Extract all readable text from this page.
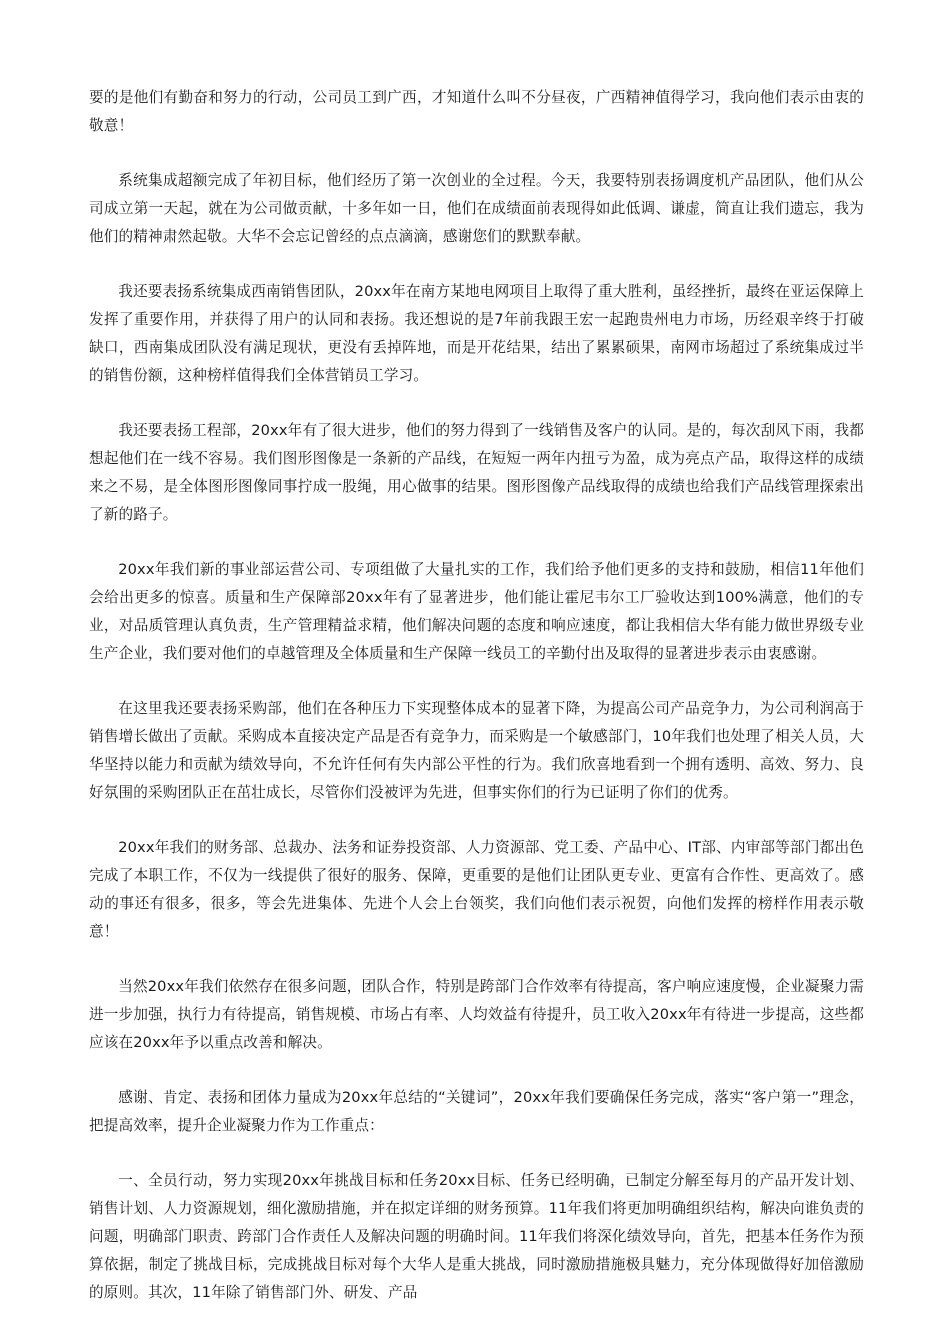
要的是他们有勤奋和努力的行动，公司员工到广西，才知道什么叫不分昼夜，广西精神值得学习，我向他们表示由衷的敬意！

系统集成超额完成了年初目标，他们经历了第一次创业的全过程。今天，我要特别表扬调度机产品团队，他们从公司成立第一天起，就在为公司做贡献，十多年如一日，他们在成绩面前表现得如此低调、谦虚，简直让我们遗忘，我为他们的精神肃然起敬。大华不会忘记曾经的点点滴滴，感谢您们的默默奉献。

我还要表扬系统集成西南销售团队，20xx年在南方某地电网项目上取得了重大胜利，虽经挫折，最终在亚运保障上发挥了重要作用，并获得了用户的认同和表扬。我还想说的是7年前我跟王宏一起跑贵州电力市场，历经艰辛终于打破缺口，西南集成团队没有满足现状，更没有丢掉阵地，而是开花结果，结出了累累硕果，南网市场超过了系统集成过半的销售份额，这种榜样值得我们全体营销员工学习。

我还要表扬工程部，20xx年有了很大进步，他们的努力得到了一线销售及客户的认同。是的，每次刮风下雨，我都想起他们在一线不容易。我们图形图像是一条新的产品线，在短短一两年内扭亏为盈，成为亮点产品，取得这样的成绩来之不易，是全体图形图像同事拧成一股绳，用心做事的结果。图形图像产品线取得的成绩也给我们产品线管理探索出了新的路子。

20xx年我们新的事业部运营公司、专项组做了大量扎实的工作，我们给予他们更多的支持和鼓励，相信11年他们会给出更多的惊喜。质量和生产保障部20xx年有了显著进步，他们能让霍尼韦尔工厂验收达到100%满意，他们的专业，对品质管理认真负责，生产管理精益求精，他们解决问题的态度和响应速度，都让我相信大华有能力做世界级专业生产企业，我们要对他们的卓越管理及全体质量和生产保障一线员工的辛勤付出及取得的显著进步表示由衷感谢。

在这里我还要表扬采购部，他们在各种压力下实现整体成本的显著下降，为提高公司产品竞争力，为公司利润高于销售增长做出了贡献。采购成本直接决定产品是否有竞争力，而采购是一个敏感部门，10年我们也处理了相关人员，大华坚持以能力和贡献为绩效导向，不允许任何有失内部公平性的行为。我们欣喜地看到一个拥有透明、高效、努力、良好氛围的采购团队正在茁壮成长，尽管你们没被评为先进，但事实你们的行为已证明了你们的优秀。

20xx年我们的财务部、总裁办、法务和证券投资部、人力资源部、党工委、产品中心、IT部、内审部等部门都出色完成了本职工作，不仅为一线提供了很好的服务、保障，更重要的是他们让团队更专业、更富有合作性、更高效了。感动的事还有很多，很多，等会先进集体、先进个人会上台领奖，我们向他们表示祝贺，向他们发挥的榜样作用表示敬意！

当然20xx年我们依然存在很多问题，团队合作，特别是跨部门合作效率有待提高，客户响应速度慢，企业凝聚力需进一步加强，执行力有待提高，销售规模、市场占有率、人均效益有待提升，员工收入20xx年有待进一步提高，这些都应该在20xx年予以重点改善和解决。

感谢、肯定、表扬和团体力量成为20xx年总结的“关键词”，20xx年我们要确保任务完成，落实“客户第一”理念，把提高效率，提升企业凝聚力作为工作重点：

一、全员行动，努力实现20xx年挑战目标和任务20xx目标、任务已经明确，已制定分解至每月的产品开发计划、销售计划、人力资源规划，细化激励措施，并在拟定详细的财务预算。11年我们将更加明确组织结构，解决向谁负责的问题，明确部门职责、跨部门合作责任人及解决问题的明确时间。11年我们将深化绩效导向，首先，把基本任务作为预算依据，制定了挑战目标，完成挑战目标对每个大华人是重大挑战，同时激励措施极具魅力，充分体现做得好加倍激励的原则。其次，11年除了销售部门外、研发、产品
